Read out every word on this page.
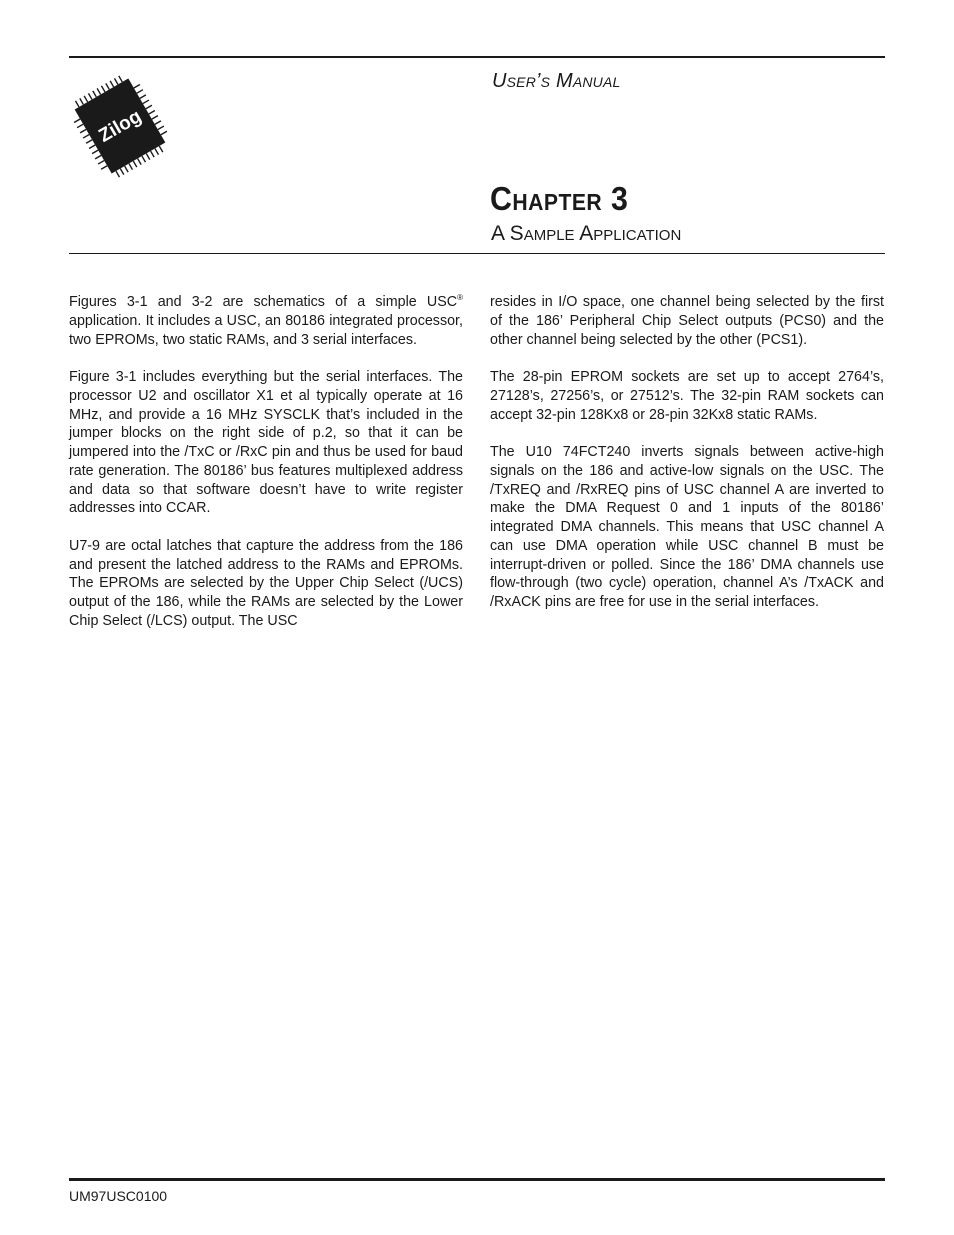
Zilog
User’s Manual
Chapter 3
A Sample Application

Figures 3-1 and 3-2 are schematics of a simple USC® application. It includes a USC, an 80186 integrated processor, two EPROMs, two static RAMs, and 3 serial interfaces.

Figure 3-1 includes everything but the serial interfaces. The processor U2 and oscillator X1 et al typically operate at 16 MHz, and provide a 16 MHz SYSCLK that’s included in the jumper blocks on the right side of p.2, so that it can be jumpered into the /TxC or /RxC pin and thus be used for baud rate generation. The 80186’ bus features multiplexed address and data so that software doesn’t have to write register addresses into CCAR.

U7-9 are octal latches that capture the address from the 186 and present the latched address to the RAMs and EPROMs. The EPROMs are selected by the Upper Chip Select (/UCS) output of the 186, while the RAMs are selected by the Lower Chip Select (/LCS) output. The USC

resides in I/O space, one channel being selected by the first of the 186’ Peripheral Chip Select outputs (PCS0) and the other channel being selected by the other (PCS1).

The 28-pin EPROM sockets are set up to accept 2764’s, 27128’s, 27256’s, or 27512’s. The 32-pin RAM sockets can accept 32-pin 128Kx8 or 28-pin 32Kx8 static RAMs.

The U10 74FCT240 inverts signals between active-high signals on the 186 and active-low signals on the USC. The /TxREQ and /RxREQ pins of USC channel A are inverted to make the DMA Request 0 and 1 inputs of the 80186’ integrated DMA channels. This means that USC channel A can use DMA operation while USC channel B must be interrupt-driven or polled. Since the 186’ DMA channels use flow-through (two cycle) operation, channel A’s /TxACK and /RxACK pins are free for use in the serial interfaces.

UM97USC0100
